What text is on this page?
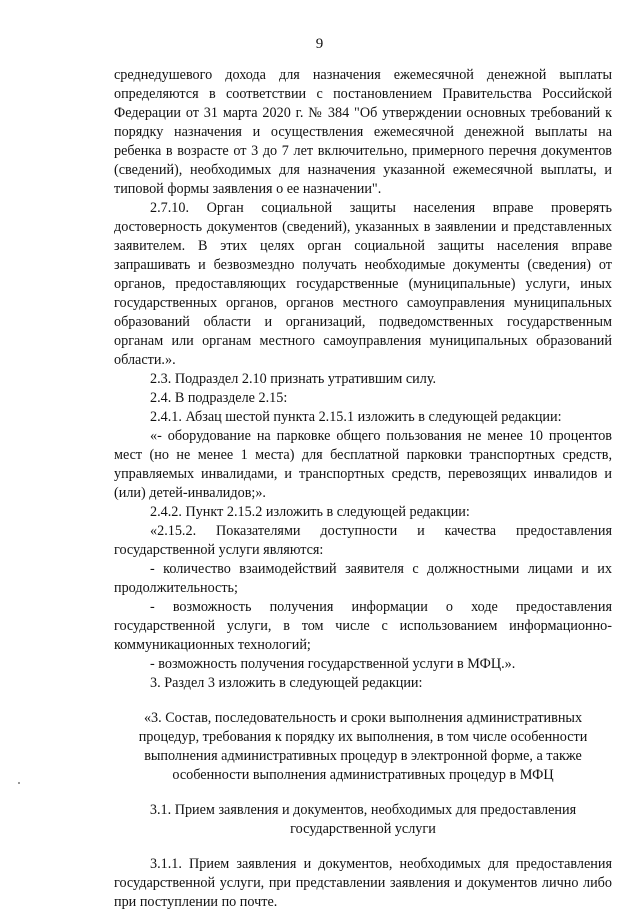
9

среднедушевого дохода для назначения ежемесячной денежной выплаты определяются в соответствии с постановлением Правительства Российской Федерации от 31 марта 2020 г. № 384 "Об утверждении основных требований к порядку назначения и осуществления ежемесячной денежной выплаты на ребенка в возрасте от 3 до 7 лет включительно, примерного перечня документов (сведений), необходимых для назначения указанной ежемесячной выплаты, и типовой формы заявления о ее назначении".

2.7.10. Орган социальной защиты населения вправе проверять достоверность документов (сведений), указанных в заявлении и представленных заявителем. В этих целях орган социальной защиты населения вправе запрашивать и безвозмездно получать необходимые документы (сведения) от органов, предоставляющих государственные (муниципальные) услуги, иных государственных органов, органов местного самоуправления муниципальных образований области и организаций, подведомственных государственным органам или органам местного самоуправления муниципальных образований области.».

2.3. Подраздел 2.10 признать утратившим силу.

2.4. В подразделе 2.15:

2.4.1. Абзац шестой пункта 2.15.1 изложить в следующей редакции:

«- оборудование на парковке общего пользования не менее 10 процентов мест (но не менее 1 места) для бесплатной парковки транспортных средств, управляемых инвалидами, и транспортных средств, перевозящих инвалидов и (или) детей-инвалидов;».

2.4.2. Пункт 2.15.2 изложить в следующей редакции:

«2.15.2. Показателями доступности и качества предоставления государственной услуги являются:

- количество взаимодействий заявителя с должностными лицами и их продолжительность;

- возможность получения информации о ходе предоставления государственной услуги, в том числе с использованием информационно-коммуникационных технологий;

- возможность получения государственной услуги в МФЦ.».

3. Раздел 3 изложить в следующей редакции:

«3. Состав, последовательность и сроки выполнения административных процедур, требования к порядку их выполнения, в том числе особенности выполнения административных процедур в электронной форме, а также особенности выполнения административных процедур в МФЦ

3.1. Прием заявления и документов, необходимых для предоставления государственной услуги

3.1.1. Прием заявления и документов, необходимых для предоставления государственной услуги, при представлении заявления и документов лично либо при поступлении по почте.
